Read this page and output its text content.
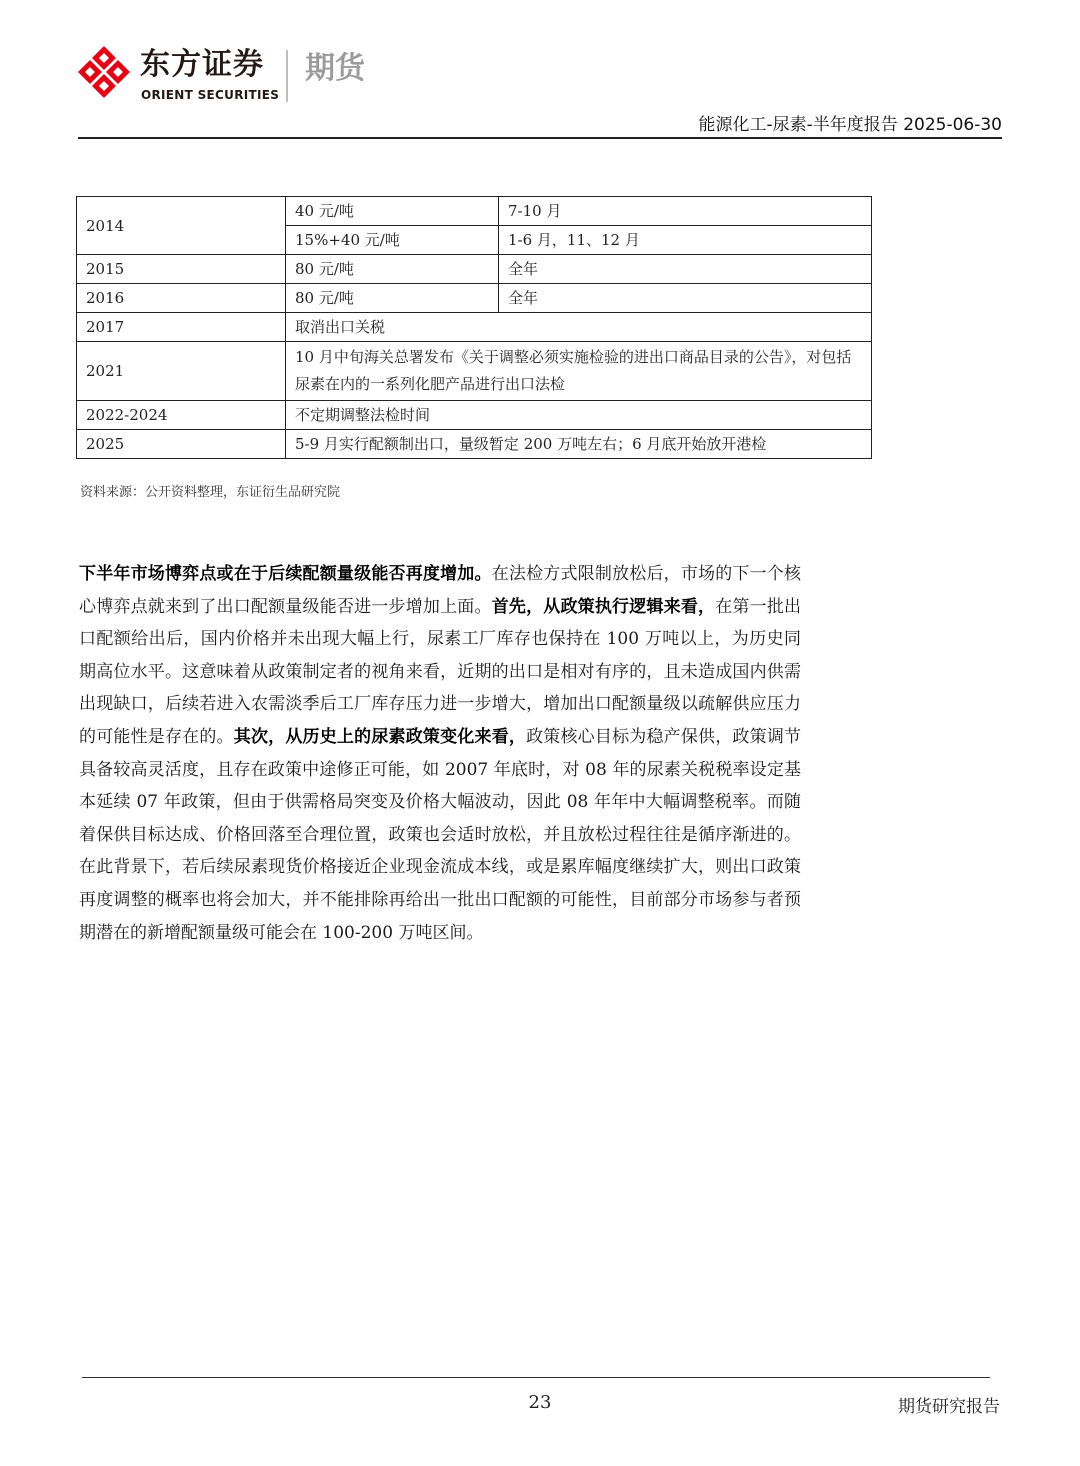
东方证券
ORIENT SECURITIES
期货
能源化工-尿素-半年度报告 2025-06-30
2014	40 元/吨	7-10 月
	15%+40 元/吨	1-6 月，11、12 月
2015	80 元/吨	全年
2016	80 元/吨	全年
2017	取消出口关税	
2021	10 月中旬海关总署发布《关于调整必须实施检验的进出口商品目录的公告》，对包括尿素在内的一系列化肥产品进行出口法检	
2022-2024	不定期调整法检时间	
2025	5-9 月实行配额制出口，量级暂定 200 万吨左右；6 月底开始放开港检	
资料来源：公开资料整理，东证衍生品研究院

下半年市场博弈点或在于后续配额量级能否再度增加。在法检方式限制放松后，市场的下一个核心博弈点就来到了出口配额量级能否进一步增加上面。首先，从政策执行逻辑来看，在第一批出口配额给出后，国内价格并未出现大幅上行，尿素工厂库存也保持在 100 万吨以上，为历史同期高位水平。这意味着从政策制定者的视角来看，近期的出口是相对有序的，且未造成国内供需出现缺口，后续若进入农需淡季后工厂库存压力进一步增大，增加出口配额量级以疏解供应压力的可能性是存在的。其次，从历史上的尿素政策变化来看，政策核心目标为稳产保供，政策调节具备较高灵活度，且存在政策中途修正可能，如 2007 年底时，对 08 年的尿素关税税率设定基本延续 07 年政策，但由于供需格局突变及价格大幅波动，因此 08 年年中大幅调整税率。而随着保供目标达成、价格回落至合理位置，政策也会适时放松，并且放松过程往往是循序渐进的。在此背景下，若后续尿素现货价格接近企业现金流成本线，或是累库幅度继续扩大，则出口政策再度调整的概率也将会加大，并不能排除再给出一批出口配额的可能性，目前部分市场参与者预期潜在的新增配额量级可能会在 100-200 万吨区间。

23	期货研究报告
